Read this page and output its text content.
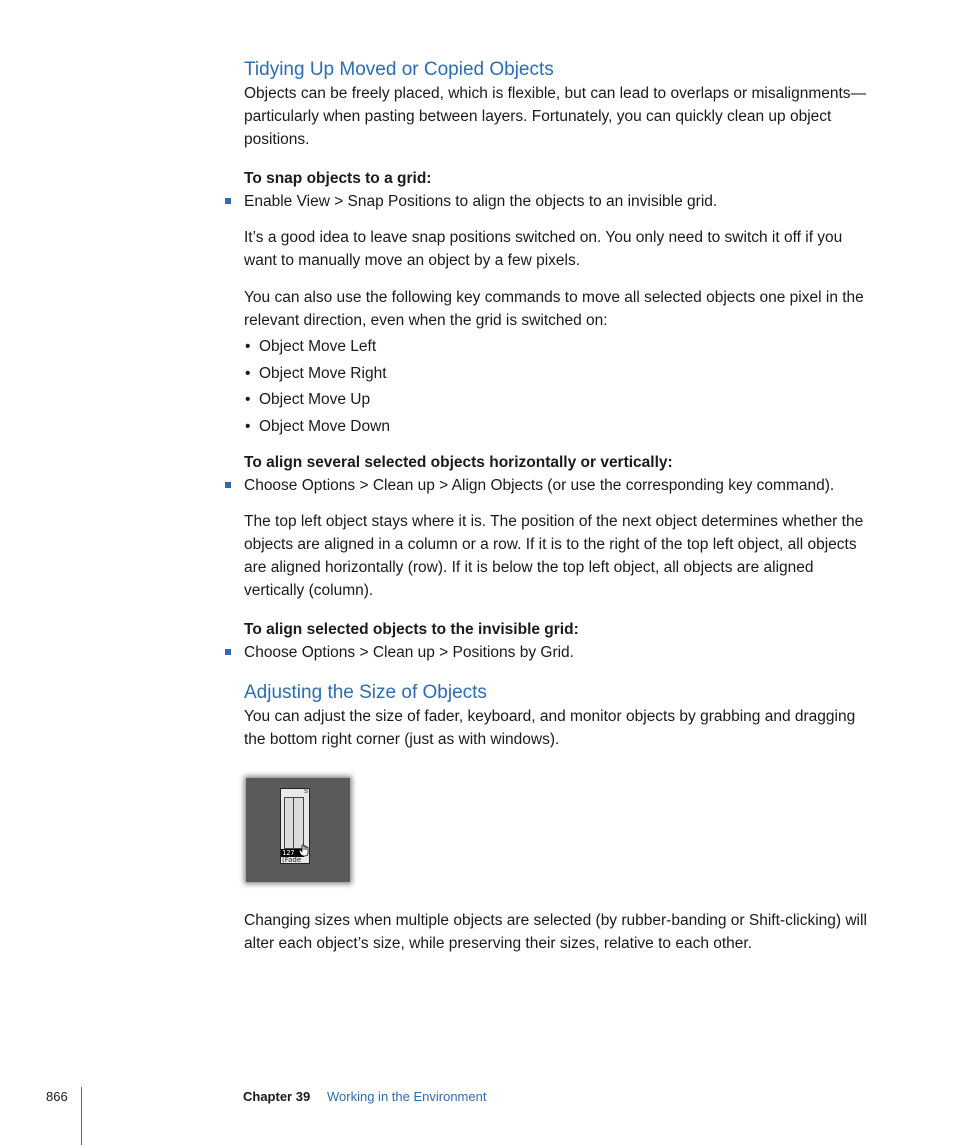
Tidying Up Moved or Copied Objects

Objects can be freely placed, which is flexible, but can lead to overlaps or misalignments—particularly when pasting between layers. Fortunately, you can quickly clean up object positions.

To snap objects to a grid:
Enable View > Snap Positions to align the objects to an invisible grid.

It’s a good idea to leave snap positions switched on. You only need to switch it off if you want to manually move an object by a few pixels.

You can also use the following key commands to move all selected objects one pixel in the relevant direction, even when the grid is switched on:

• Object Move Left
• Object Move Right
• Object Move Up
• Object Move Down
To align several selected objects horizontally or vertically:
Choose Options > Clean up > Align Objects (or use the corresponding key command).

The top left object stays where it is. The position of the next object determines whether the objects are aligned in a column or a row. If it is to the right of the top left object, all objects are aligned horizontally (row). If it is below the top left object, all objects are aligned vertically (column).

To align selected objects to the invisible grid:
Choose Options > Clean up > Positions by Grid.
Adjusting the Size of Objects

You can adjust the size of fader, keyboard, and monitor objects by grabbing and dragging the bottom right corner (just as with windows).

S
127
(Fade

Changing sizes when multiple objects are selected (by rubber-banding or Shift-clicking) will alter each object’s size, while preserving their sizes, relative to each other.

866	Chapter 39 Working in the Environment
